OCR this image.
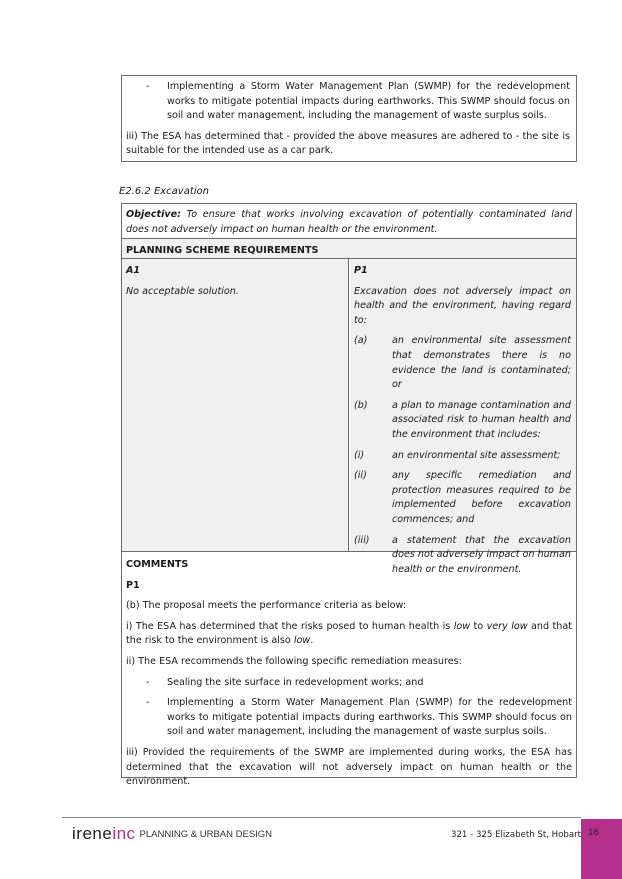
- Implementing a Storm Water Management Plan (SWMP) for the redevelopment works to mitigate potential impacts during earthworks. This SWMP should focus on soil and water management, including the management of waste surplus soils.

iii) The ESA has determined that - provided the above measures are adhered to - the site is suitable for the intended use as a car park.

E2.6.2 Excavation

Objective: To ensure that works involving excavation of potentially contaminated land does not adversely impact on human health or the environment.

PLANNING SCHEME REQUIREMENTS

A1

No acceptable solution.

P1

Excavation does not adversely impact on health and the environment, having regard to:

(a)	an environmental site assessment that demonstrates there is no evidence the land is contaminated; or

(b)	a plan to manage contamination and associated risk to human health and the environment that includes:

(i)	an environmental site assessment;

(ii)	any specific remediation and protection measures required to be implemented before excavation commences; and

(iii) a statement that the excavation does not adversely impact on human health or the environment.

COMMENTS

P1

(b) The proposal meets the performance criteria as below:

i) The ESA has determined that the risks posed to human health is low to very low and that the risk to the environment is also low.

ii) The ESA recommends the following specific remediation measures:

- Sealing the site surface in redevelopment works; and
- Implementing a Storm Water Management Plan (SWMP) for the redevelopment works to mitigate potential impacts during earthworks. This SWMP should focus on soil and water management, including the management of waste surplus soils.

iii) Provided the requirements of the SWMP are implemented during works, the ESA has determined that the excavation will not adversely impact on human health or the environment.

ireneinc PLANNING & URBAN DESIGN	321 - 325 Elizabeth St, Hobart 16
